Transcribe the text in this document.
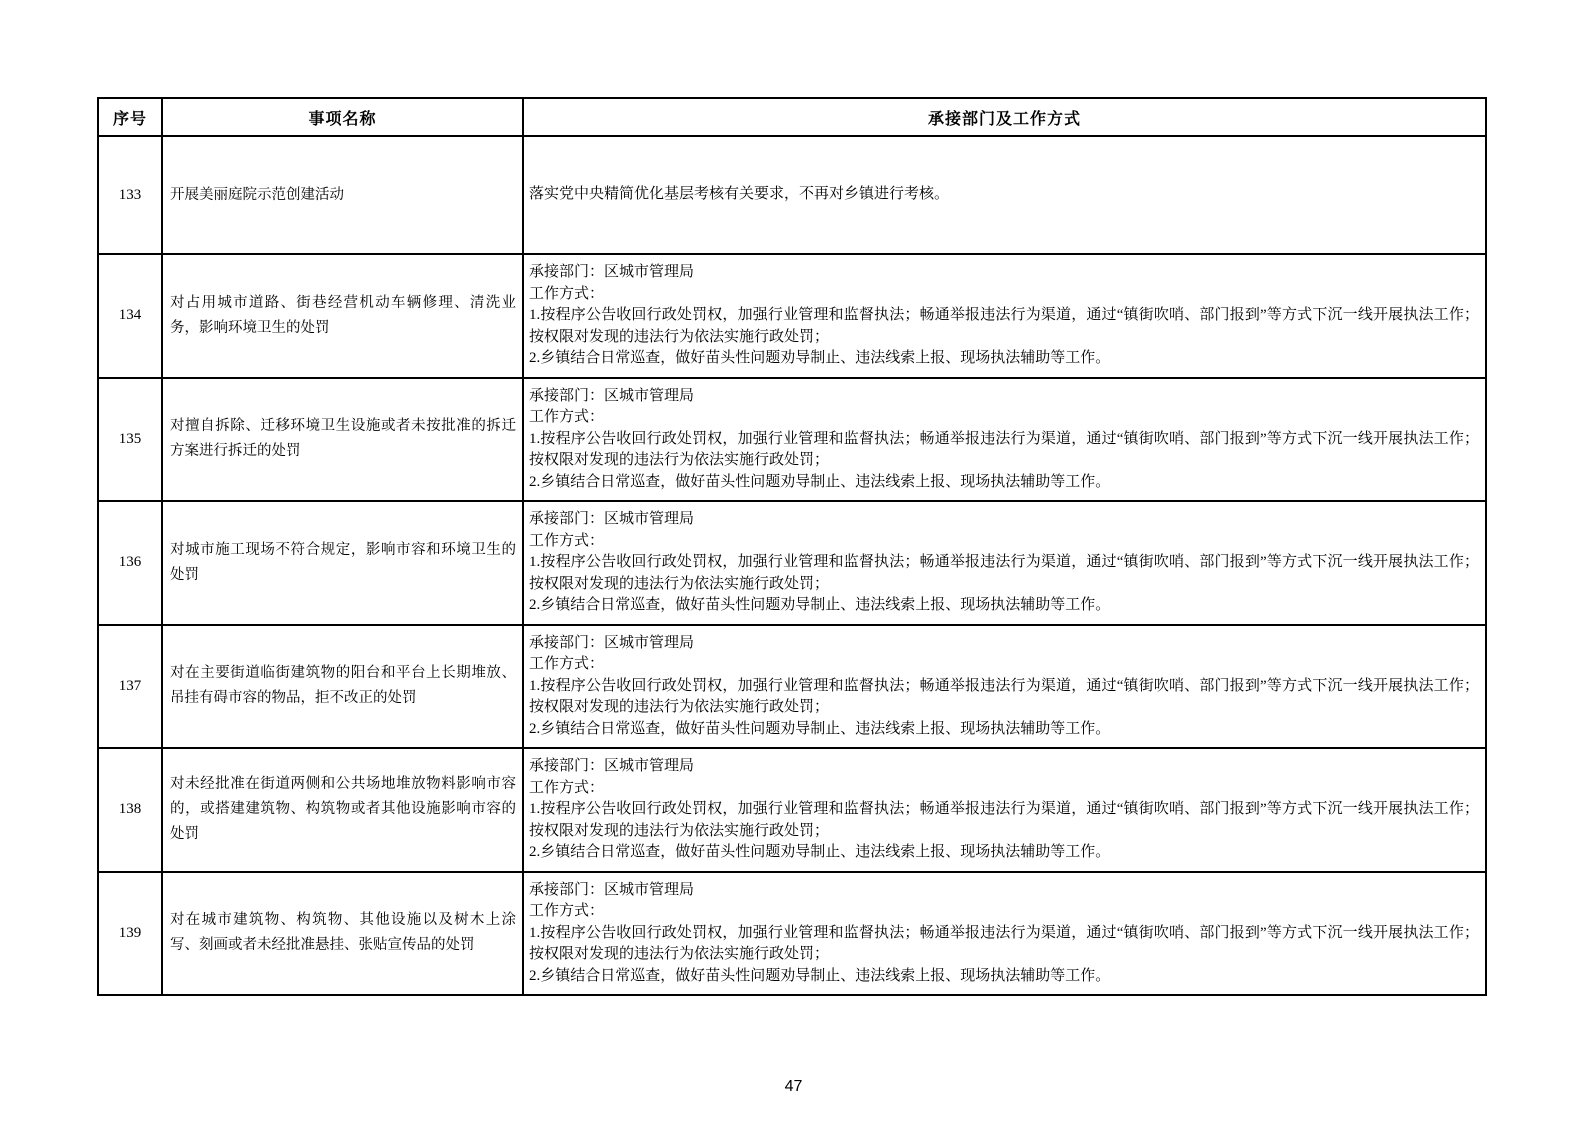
序号	事项名称	承接部门及工作方式
133	开展美丽庭院示范创建活动	落实党中央精简优化基层考核有关要求，不再对乡镇进行考核。

134	对占用城市道路、街巷经营机动车辆修理、清洗业务，影响环境卫生的处罚	承接部门：区城市管理局
工作方式：
1.按程序公告收回行政处罚权，加强行业管理和监督执法；畅通举报违法行为渠道，通过“镇街吹哨、部门报到”等方式下沉一线开展执法工作；按权限对发现的违法行为依法实施行政处罚；
2.乡镇结合日常巡查，做好苗头性问题劝导制止、违法线索上报、现场执法辅助等工作。

135	对擅自拆除、迁移环境卫生设施或者未按批准的拆迁方案进行拆迁的处罚	承接部门：区城市管理局
工作方式：
1.按程序公告收回行政处罚权，加强行业管理和监督执法；畅通举报违法行为渠道，通过“镇街吹哨、部门报到”等方式下沉一线开展执法工作；按权限对发现的违法行为依法实施行政处罚；
2.乡镇结合日常巡查，做好苗头性问题劝导制止、违法线索上报、现场执法辅助等工作。

136	对城市施工现场不符合规定，影响市容和环境卫生的处罚	承接部门：区城市管理局
工作方式：
1.按程序公告收回行政处罚权，加强行业管理和监督执法；畅通举报违法行为渠道，通过“镇街吹哨、部门报到”等方式下沉一线开展执法工作；按权限对发现的违法行为依法实施行政处罚；
2.乡镇结合日常巡查，做好苗头性问题劝导制止、违法线索上报、现场执法辅助等工作。

137	对在主要街道临街建筑物的阳台和平台上长期堆放、吊挂有碍市容的物品，拒不改正的处罚	承接部门：区城市管理局
工作方式：
1.按程序公告收回行政处罚权，加强行业管理和监督执法；畅通举报违法行为渠道，通过“镇街吹哨、部门报到”等方式下沉一线开展执法工作；按权限对发现的违法行为依法实施行政处罚；
2.乡镇结合日常巡查，做好苗头性问题劝导制止、违法线索上报、现场执法辅助等工作。

138	对未经批准在街道两侧和公共场地堆放物料影响市容的，或搭建建筑物、构筑物或者其他设施影响市容的处罚	承接部门：区城市管理局
工作方式：
1.按程序公告收回行政处罚权，加强行业管理和监督执法；畅通举报违法行为渠道，通过“镇街吹哨、部门报到”等方式下沉一线开展执法工作；按权限对发现的违法行为依法实施行政处罚；
2.乡镇结合日常巡查，做好苗头性问题劝导制止、违法线索上报、现场执法辅助等工作。

139	对在城市建筑物、构筑物、其他设施以及树木上涂写、刻画或者未经批准悬挂、张贴宣传品的处罚	承接部门：区城市管理局
工作方式：
1.按程序公告收回行政处罚权，加强行业管理和监督执法；畅通举报违法行为渠道，通过“镇街吹哨、部门报到”等方式下沉一线开展执法工作；按权限对发现的违法行为依法实施行政处罚；
2.乡镇结合日常巡查，做好苗头性问题劝导制止、违法线索上报、现场执法辅助等工作。
47
